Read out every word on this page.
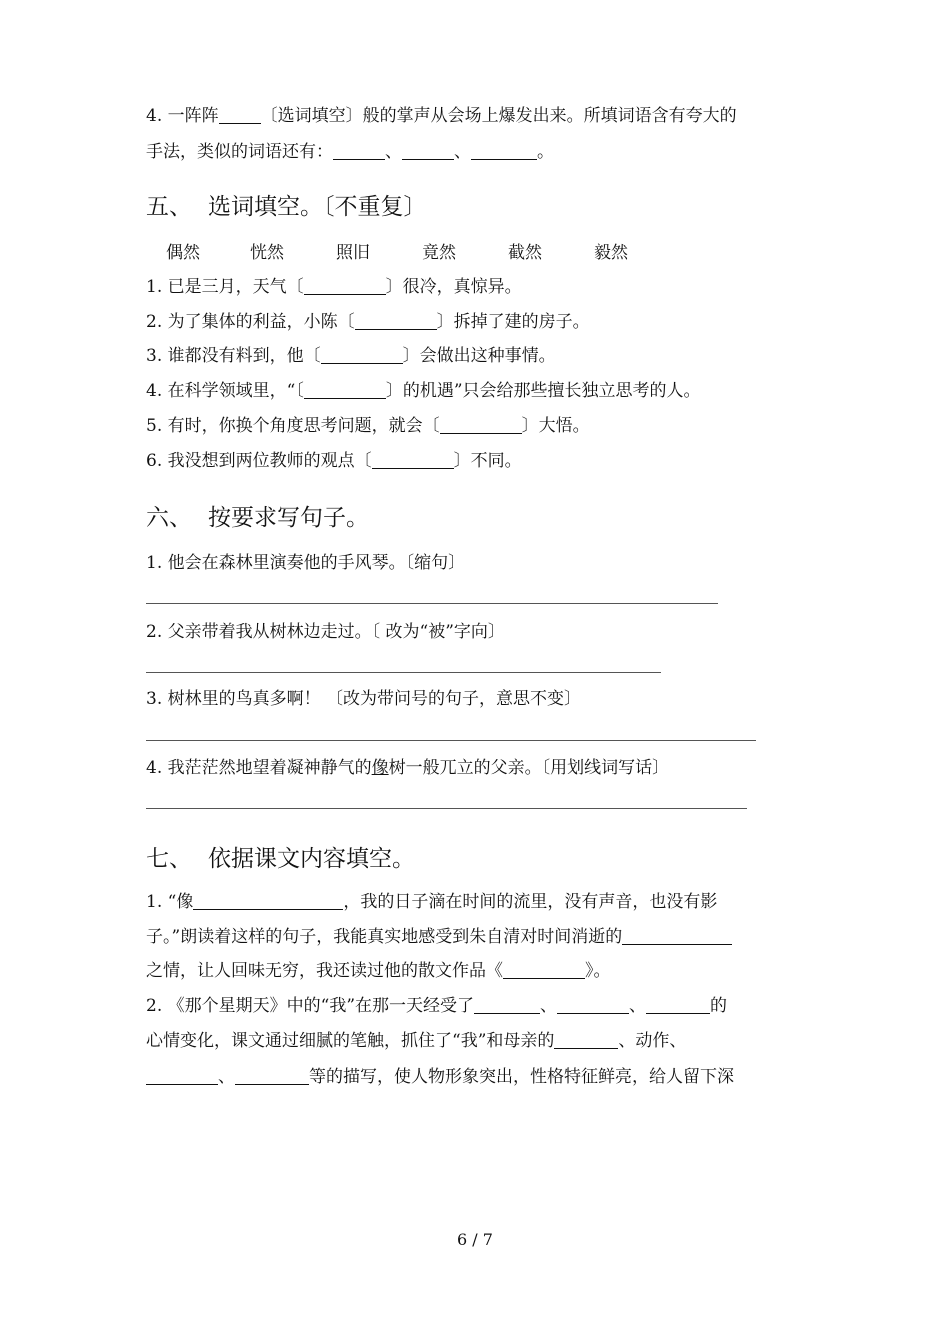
4. 一阵阵 〔选词填空〕般的掌声从会场上爆发出来。所填词语含有夸大的
手法，类似的词语还有：	、	、	。
五、 选词填空。〔不重复〕
偶然	恍然	照旧	竟然	截然	毅然
1. 已是三月，天气〔	〕很冷，真惊异。
2. 为了集体的利益，小陈〔	〕拆掉了建的房子。
3. 谁都没有料到，他〔	〕会做出这种事情。
4. 在科学领域里，“〔	〕的机遇”只会给那些擅长独立思考的人。
5. 有时，你换个角度思考问题，就会〔	〕大悟。
6. 我没想到两位教师的观点〔	〕不同。
六、 按要求写句子。
1. 他会在森林里演奏他的手风琴。〔缩句〕
2. 父亲带着我从树林边走过。〔 改为“被”字向〕
3. 树林里的鸟真多啊！ 〔改为带问号的句子，意思不变〕
4. 我茫茫然地望着凝神静气的像树一般兀立的父亲。〔用划线词写话〕
七、 依据课文内容填空。
1. “像	，我的日子滴在时间的流里，没有声音，也没有影
子。”朗读着这样的句子，我能真实地感受到朱自清对时间消逝的
之情，让人回味无穷，我还读过他的散文作品《	》。
2. 《那个星期天》中的“我”在那一天经受了	、	、	的
心情变化，课文通过细腻的笔触，抓住了“我”和母亲的	、动作、
、	等的描写，使人物形象突出，性格特征鲜亮，给人留下深
6 / 7
